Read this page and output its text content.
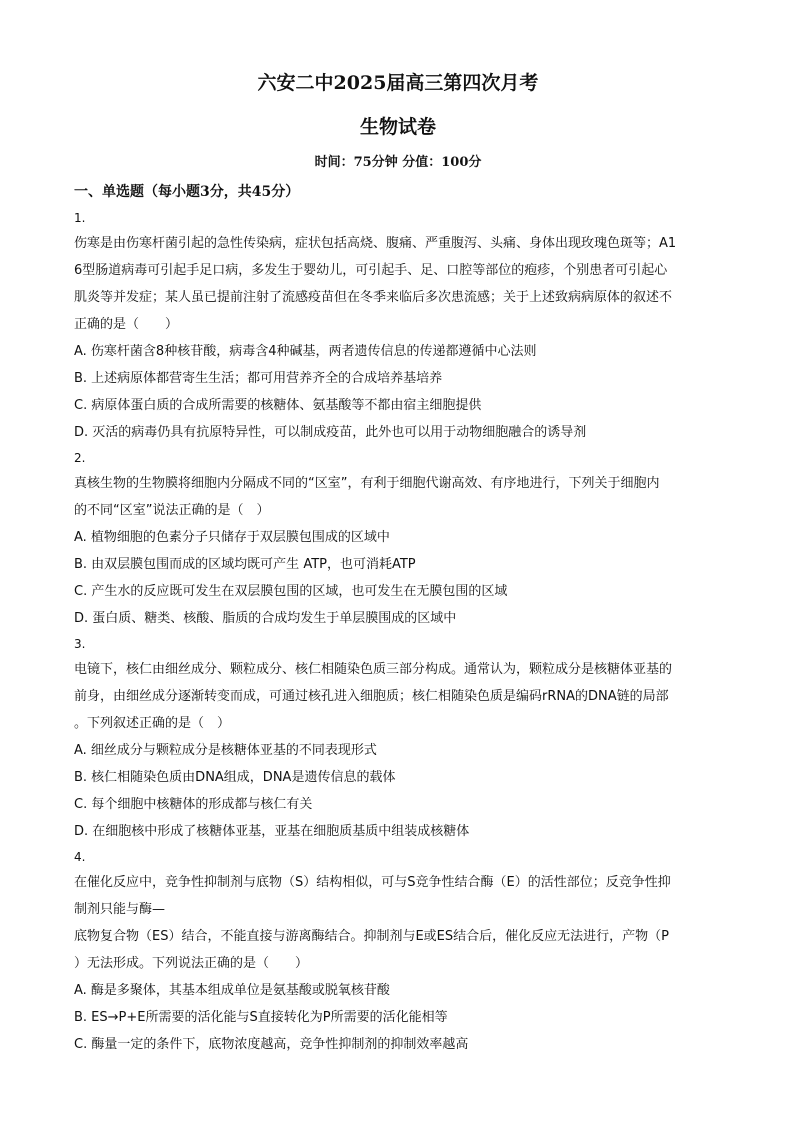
六安二中2025届高三第四次月考
生物试卷
时间：75分钟 分值：100分
一、单选题（每小题3分，共45分）
1.
伤寒是由伤寒杆菌引起的急性传染病，症状包括高烧、腹痛、严重腹泻、头痛、身体出现玫瑰色斑等；A1
6型肠道病毒可引起手足口病，多发生于婴幼儿，可引起手、足、口腔等部位的疱疹，个别患者可引起心
肌炎等并发症；某人虽已提前注射了流感疫苗但在冬季来临后多次患流感；关于上述致病病原体的叙述不
正确的是（　　）
A. 伤寒杆菌含8种核苷酸，病毒含4种碱基，两者遗传信息的传递都遵循中心法则
B. 上述病原体都营寄生生活；都可用营养齐全的合成培养基培养
C. 病原体蛋白质的合成所需要的核糖体、氨基酸等不都由宿主细胞提供
D. 灭活的病毒仍具有抗原特异性，可以制成疫苗，此外也可以用于动物细胞融合的诱导剂
2.
真核生物的生物膜将细胞内分隔成不同的“区室”，有利于细胞代谢高效、有序地进行，下列关于细胞内
的不同“区室”说法正确的是（　）
A. 植物细胞的色素分子只储存于双层膜包围成的区域中
B. 由双层膜包围而成的区域均既可产生 ATP，也可消耗ATP
C. 产生水的反应既可发生在双层膜包围的区域，也可发生在无膜包围的区域
D. 蛋白质、糖类、核酸、脂质的合成均发生于单层膜围成的区域中
3.
电镜下，核仁由细丝成分、颗粒成分、核仁相随染色质三部分构成。通常认为，颗粒成分是核糖体亚基的
前身，由细丝成分逐渐转变而成，可通过核孔进入细胞质；核仁相随染色质是编码rRNA的DNA链的局部
。下列叙述正确的是（　）
A. 细丝成分与颗粒成分是核糖体亚基的不同表现形式
B. 核仁相随染色质由DNA组成，DNA是遗传信息的载体
C. 每个细胞中核糖体的形成都与核仁有关
D. 在细胞核中形成了核糖体亚基，亚基在细胞质基质中组装成核糖体
4.
在催化反应中，竞争性抑制剂与底物（S）结构相似，可与S竞争性结合酶（E）的活性部位；反竞争性抑
制剂只能与酶—
底物复合物（ES）结合，不能直接与游离酶结合。抑制剂与E或ES结合后，催化反应无法进行，产物（P
）无法形成。下列说法正确的是（　　）
A. 酶是多聚体，其基本组成单位是氨基酸或脱氧核苷酸
B. ES→P+E所需要的活化能与S直接转化为P所需要的活化能相等
C. 酶量一定的条件下，底物浓度越高，竞争性抑制剂的抑制效率越高
